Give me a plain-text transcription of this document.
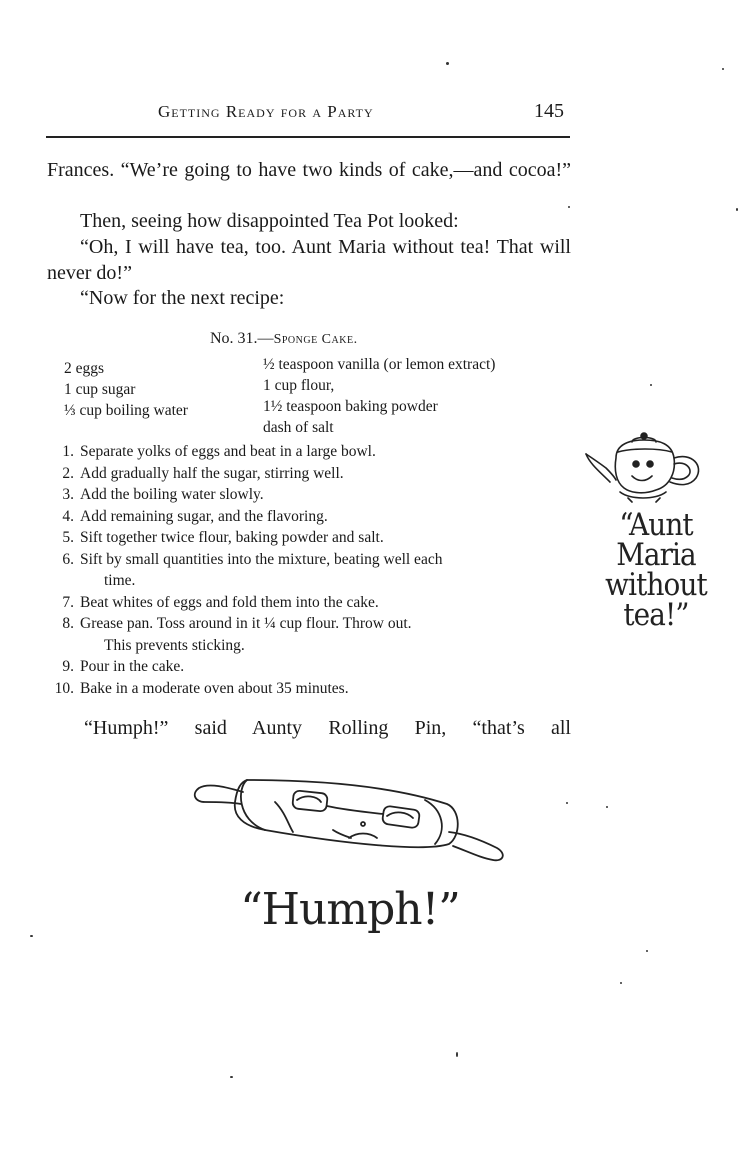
Getting Ready for a Party	145

Frances. “We’re going to have two kinds of cake,—and cocoa!”

Then, seeing how disappointed Tea Pot looked:

“Oh, I will have tea, too. Aunt Maria without tea! That will never do!”

“Now for the next recipe:

No. 31.—Sponge Cake.
2 eggs
1 cup sugar
⅓ cup boiling water
½ teaspoon vanilla (or lemon extract)
1 cup flour,
1½ teaspoon baking powder
dash of salt
1. Separate yolks of eggs and beat in a large bowl.
2. Add gradually half the sugar, stirring well.
3. Add the boiling water slowly.
4. Add remaining sugar, and the flavoring.
5. Sift together twice flour, baking powder and salt.
6. Sift by small quantities into the mixture, beating well each
time.
7. Beat whites of eggs and fold them into the cake.
8. Grease pan. Toss around in it ¼ cup flour. Throw out.
This prevents sticking.
9. Pour in the cake.
10. Bake in a moderate oven about 35 minutes.
“Aunt
Maria
without
tea!”

“Humph!” said Aunty Rolling Pin, “that’s all

“Humph!”
